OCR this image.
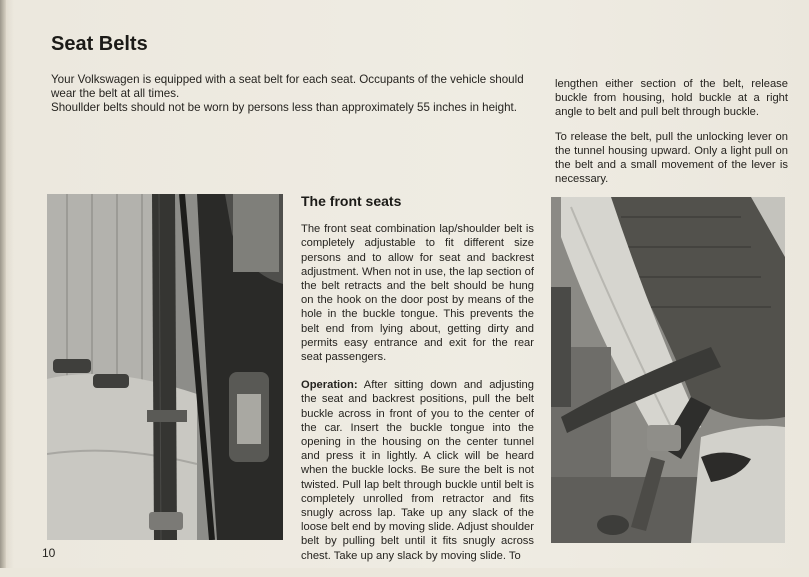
Seat Belts

Your Volkswagen is equipped with a seat belt for each seat. Occupants of the vehicle should wear the belt at all times.

Shoullder belts should not be worn by persons less than approximately 55 inches in height.

lengthen either section of the belt, release buckle from housing, hold buckle at a right angle to belt and pull belt through buckle.

To release the belt, pull the unlocking lever on the tunnel housing upward. Only a light pull on the belt and a small movement of the lever is necessary.

The front seats

The front seat combination lap/shoulder belt is completely adjustable to fit different size persons and to allow for seat and backrest adjustment. When not in use, the lap section of the belt retracts and the belt should be hung on the hook on the door post by means of the hole in the buckle tongue. This prevents the belt end from lying about, getting dirty and permits easy entrance and exit for the rear seat passengers.

Operation: After sitting down and adjusting the seat and backrest positions, pull the belt buckle across in front of you to the center of the car. Insert the buckle tongue into the opening in the housing on the center tunnel and press it in lightly. A click will be heard when the buckle locks. Be sure the belt is not twisted. Pull lap belt through buckle until belt is completely unrolled from retractor and fits snugly across lap. Take up any slack of the loose belt end by moving slide. Adjust shoulder belt by pulling belt until it fits snugly across chest. Take up any slack by moving slide. To

10
